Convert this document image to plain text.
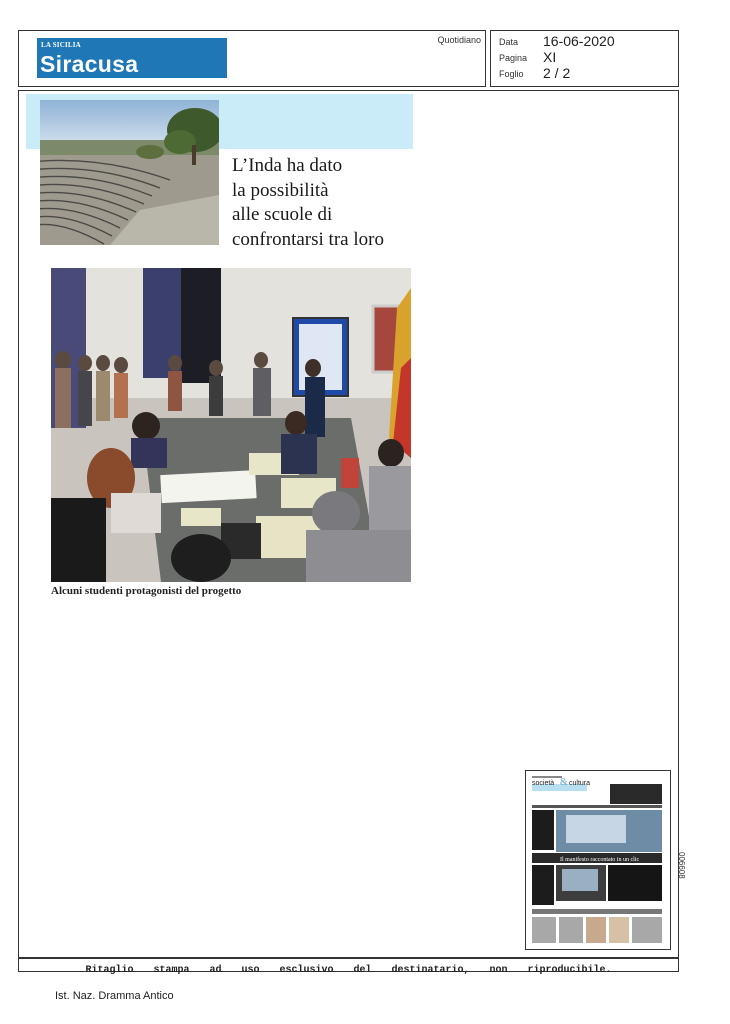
LA SICILIA
Siracusa
Quotidiano Data 16-06-2020
Pagina XI
Foglio 2 / 2
L’Inda ha dato
la possibilità
alle scuole di
confrontarsi tra loro
Alcuni studenti protagonisti del progetto
Il manifesto raccontato in un clic
società & cultura
006608
Ritaglio stampa ad uso esclusivo del destinatario, non riproducibile.
Ist. Naz. Dramma Antico
